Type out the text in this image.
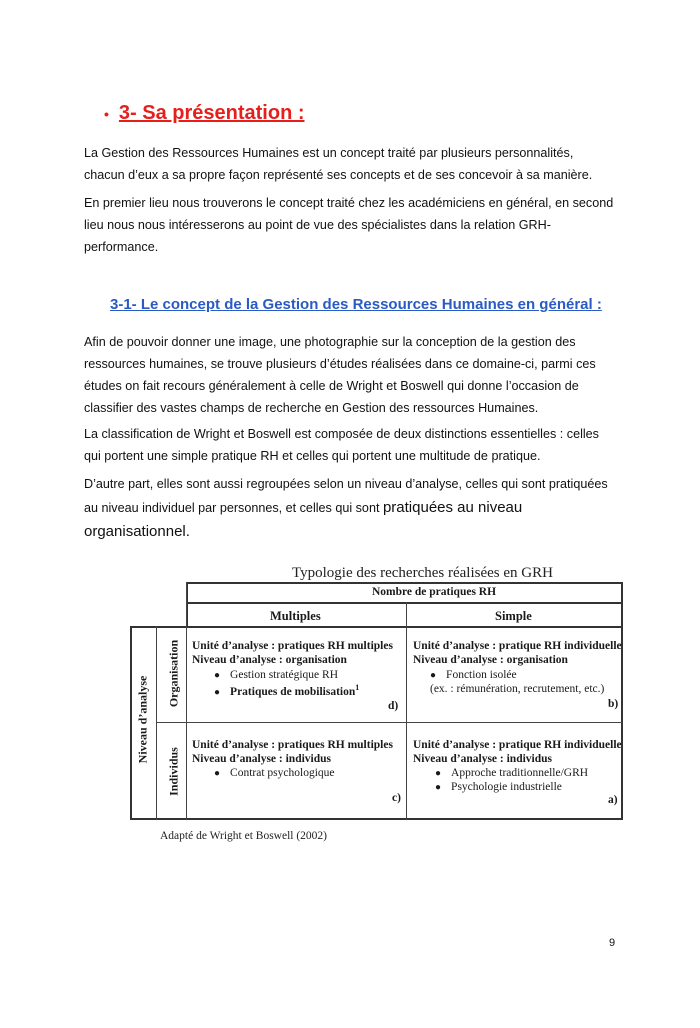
• 3- Sa présentation :

La Gestion des Ressources Humaines est un concept traité par plusieurs personnalités, chacun d’eux a sa propre façon représenté ses concepts et de ses concevoir à sa manière.

En premier lieu nous trouverons le concept traité chez les académiciens en général, en second lieu nous nous intéresserons au point de vue des spécialistes dans la relation GRH-performance.

3-1- Le concept de la Gestion des Ressources Humaines en général :

Afin de pouvoir donner une image, une photographie sur la conception de la gestion des ressources humaines, se trouve plusieurs d’études réalisées dans ce domaine-ci, parmi ces études on fait recours généralement à celle de Wright et Boswell qui donne l’occasion de classifier des vastes champs de recherche en Gestion des ressources Humaines.

La classification de Wright et Boswell est composée de deux distinctions essentielles : celles qui portent une simple pratique RH et celles qui portent une multitude de pratique.

D’autre part, elles sont aussi regroupées selon un niveau d’analyse, celles qui sont pratiquées au niveau individuel par personnes, et celles qui sont pratiquées au niveau organisationnel.

Typologie des recherches réalisées en GRH
Nombre de pratiques RH
Multiples	Simple
Niveau d’analyse
Organisation
Individus
Unité d’analyse : pratiques RH multiples
Niveau d’analyse : organisation
● Gestion stratégique RH
● Pratiques de mobilisation$^1$
d)
Unité d’analyse : pratique RH individuelle
Niveau d’analyse : organisation
● Fonction isolée
(ex. : rémunération, recrutement, etc.)
b)
Unité d’analyse : pratiques RH multiples
Niveau d’analyse : individus
● Contrat psychologique
c)
Unité d’analyse : pratique RH individuelle
Niveau d’analyse : individus
● Approche traditionnelle/GRH
● Psychologie industrielle
a)
Adapté de Wright et Boswell (2002)
9
